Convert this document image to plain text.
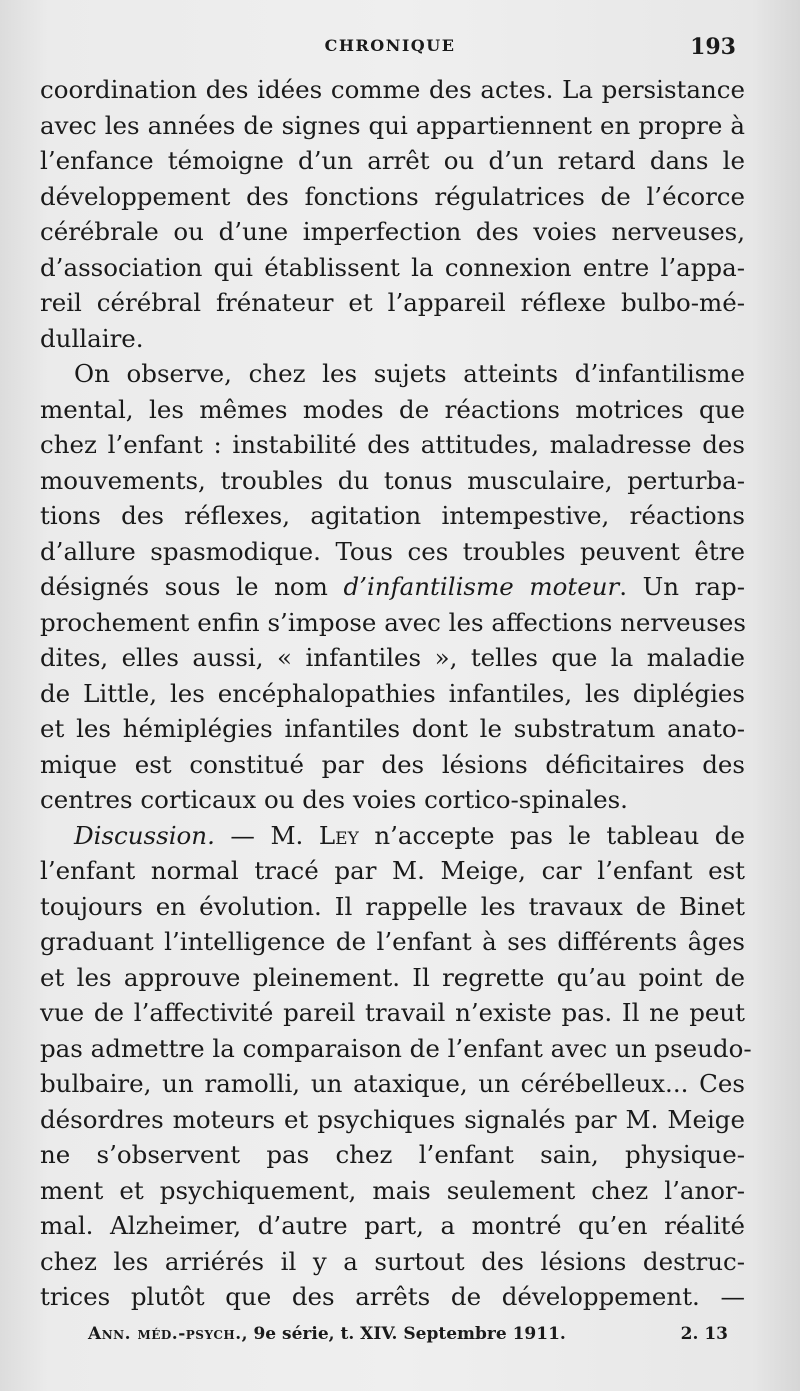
CHRONIQUE	193
coordination des idées comme des actes. La persistance
avec les années de signes qui appartiennent en propre à
l’enfance témoigne d’un arrêt ou d’un retard dans le
développement des fonctions régulatrices de l’écorce
cérébrale ou d’une imperfection des voies nerveuses,
d’association qui établissent la connexion entre l’appa-
reil cérébral frénateur et l’appareil réflexe bulbo-mé-
dullaire.
On observe, chez les sujets atteints d’infantilisme
mental, les mêmes modes de réactions motrices que
chez l’enfant : instabilité des attitudes, maladresse des
mouvements, troubles du tonus musculaire, perturba-
tions des réflexes, agitation intempestive, réactions
d’allure spasmodique. Tous ces troubles peuvent être
désignés sous le nom d’infantilisme moteur. Un rap-
prochement enfin s’impose avec les affections nerveuses
dites, elles aussi, « infantiles », telles que la maladie
de Little, les encéphalopathies infantiles, les diplégies
et les hémiplégies infantiles dont le substratum anato-
mique est constitué par des lésions déficitaires des
centres corticaux ou des voies cortico-spinales.
Discussion. — M. Ley n’accepte pas le tableau de
l’enfant normal tracé par M. Meige, car l’enfant est
toujours en évolution. Il rappelle les travaux de Binet
graduant l’intelligence de l’enfant à ses différents âges
et les approuve pleinement. Il regrette qu’au point de
vue de l’affectivité pareil travail n’existe pas. Il ne peut
pas admettre la comparaison de l’enfant avec un pseudo-
bulbaire, un ramolli, un ataxique, un cérébelleux... Ces
désordres moteurs et psychiques signalés par M. Meige
ne s’observent pas chez l’enfant sain, physique-
ment et psychiquement, mais seulement chez l’anor-
mal. Alzheimer, d’autre part, a montré qu’en réalité
chez les arriérés il y a surtout des lésions destruc-
trices plutôt que des arrêts de développement. —
Ann. méd.-psych., 9e série, t. XIV. Septembre 1911.	2. 13
